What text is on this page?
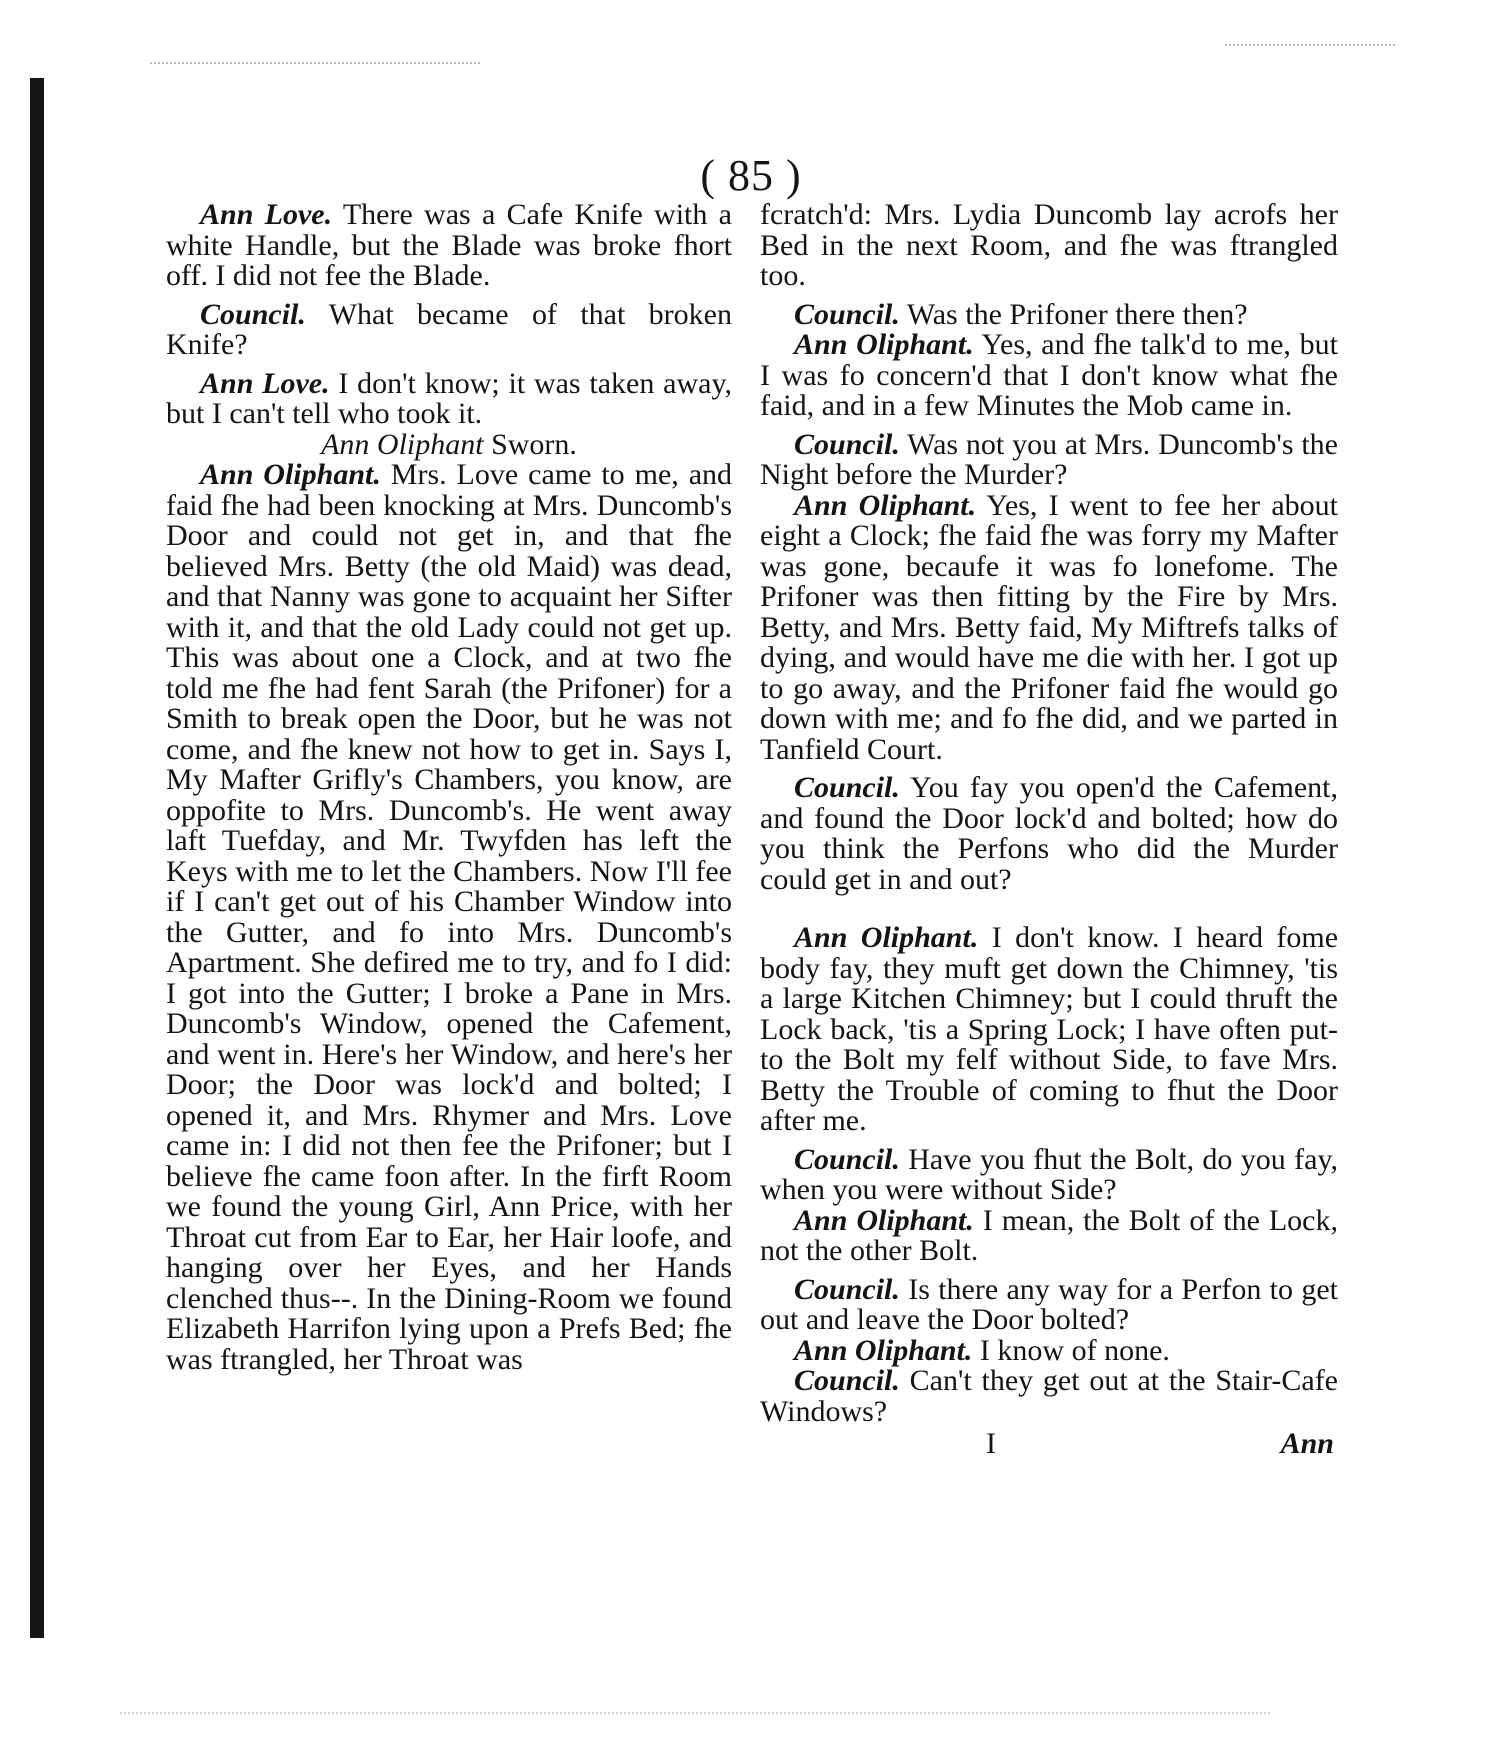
( 85 )

Ann Love. There was a Cafe Knife with a white Handle, but the Blade was broke fhort off. I did not fee the Blade.

Council. What became of that broken Knife?

Ann Love. I don't know; it was taken away, but I can't tell who took it.

Ann Oliphant Sworn.

Ann Oliphant. Mrs. Love came to me, and faid fhe had been knocking at Mrs. Duncomb's Door and could not get in, and that fhe believed Mrs. Betty (the old Maid) was dead, and that Nanny was gone to acquaint her Sifter with it, and that the old Lady could not get up. This was about one a Clock, and at two fhe told me fhe had fent Sarah (the Prifoner) for a Smith to break open the Door, but he was not come, and fhe knew not how to get in. Says I, My Mafter Grifly's Chambers, you know, are oppofite to Mrs. Duncomb's. He went away laft Tuefday, and Mr. Twyfden has left the Keys with me to let the Chambers. Now I'll fee if I can't get out of his Chamber Window into the Gutter, and fo into Mrs. Duncomb's Apartment. She defired me to try, and fo I did: I got into the Gutter; I broke a Pane in Mrs. Duncomb's Window, opened the Cafement, and went in. Here's her Window, and here's her Door; the Door was lock'd and bolted; I opened it, and Mrs. Rhymer and Mrs. Love came in: I did not then fee the Prifoner; but I believe fhe came foon after. In the firft Room we found the young Girl, Ann Price, with her Throat cut from Ear to Ear, her Hair loofe, and hanging over her Eyes, and her Hands clenched thus--. In the Dining-Room we found Elizabeth Harrifon lying upon a Prefs Bed; fhe was ftrangled, her Throat was

fcratch'd: Mrs. Lydia Duncomb lay acrofs her Bed in the next Room, and fhe was ftrangled too.

Council. Was the Prifoner there then?

Ann Oliphant. Yes, and fhe talk'd to me, but I was fo concern'd that I don't know what fhe faid, and in a few Minutes the Mob came in.

Council. Was not you at Mrs. Duncomb's the Night before the Murder?

Ann Oliphant. Yes, I went to fee her about eight a Clock; fhe faid fhe was forry my Mafter was gone, becaufe it was fo lonefome. The Prifoner was then fitting by the Fire by Mrs. Betty, and Mrs. Betty faid, My Miftrefs talks of dying, and would have me die with her. I got up to go away, and the Prifoner faid fhe would go down with me; and fo fhe did, and we parted in Tanfield Court.

Council. You fay you open'd the Cafement, and found the Door lock'd and bolted; how do you think the Perfons who did the Murder could get in and out?

Ann Oliphant. I don't know. I heard fome body fay, they muft get down the Chimney, 'tis a large Kitchen Chimney; but I could thruft the Lock back, 'tis a Spring Lock; I have often put-to the Bolt my felf without Side, to fave Mrs. Betty the Trouble of coming to fhut the Door after me.

Council. Have you fhut the Bolt, do you fay, when you were without Side?

Ann Oliphant. I mean, the Bolt of the Lock, not the other Bolt.

Council. Is there any way for a Perfon to get out and leave the Door bolted?

Ann Oliphant. I know of none.

Council. Can't they get out at the Stair-Cafe Windows?

I	Ann
